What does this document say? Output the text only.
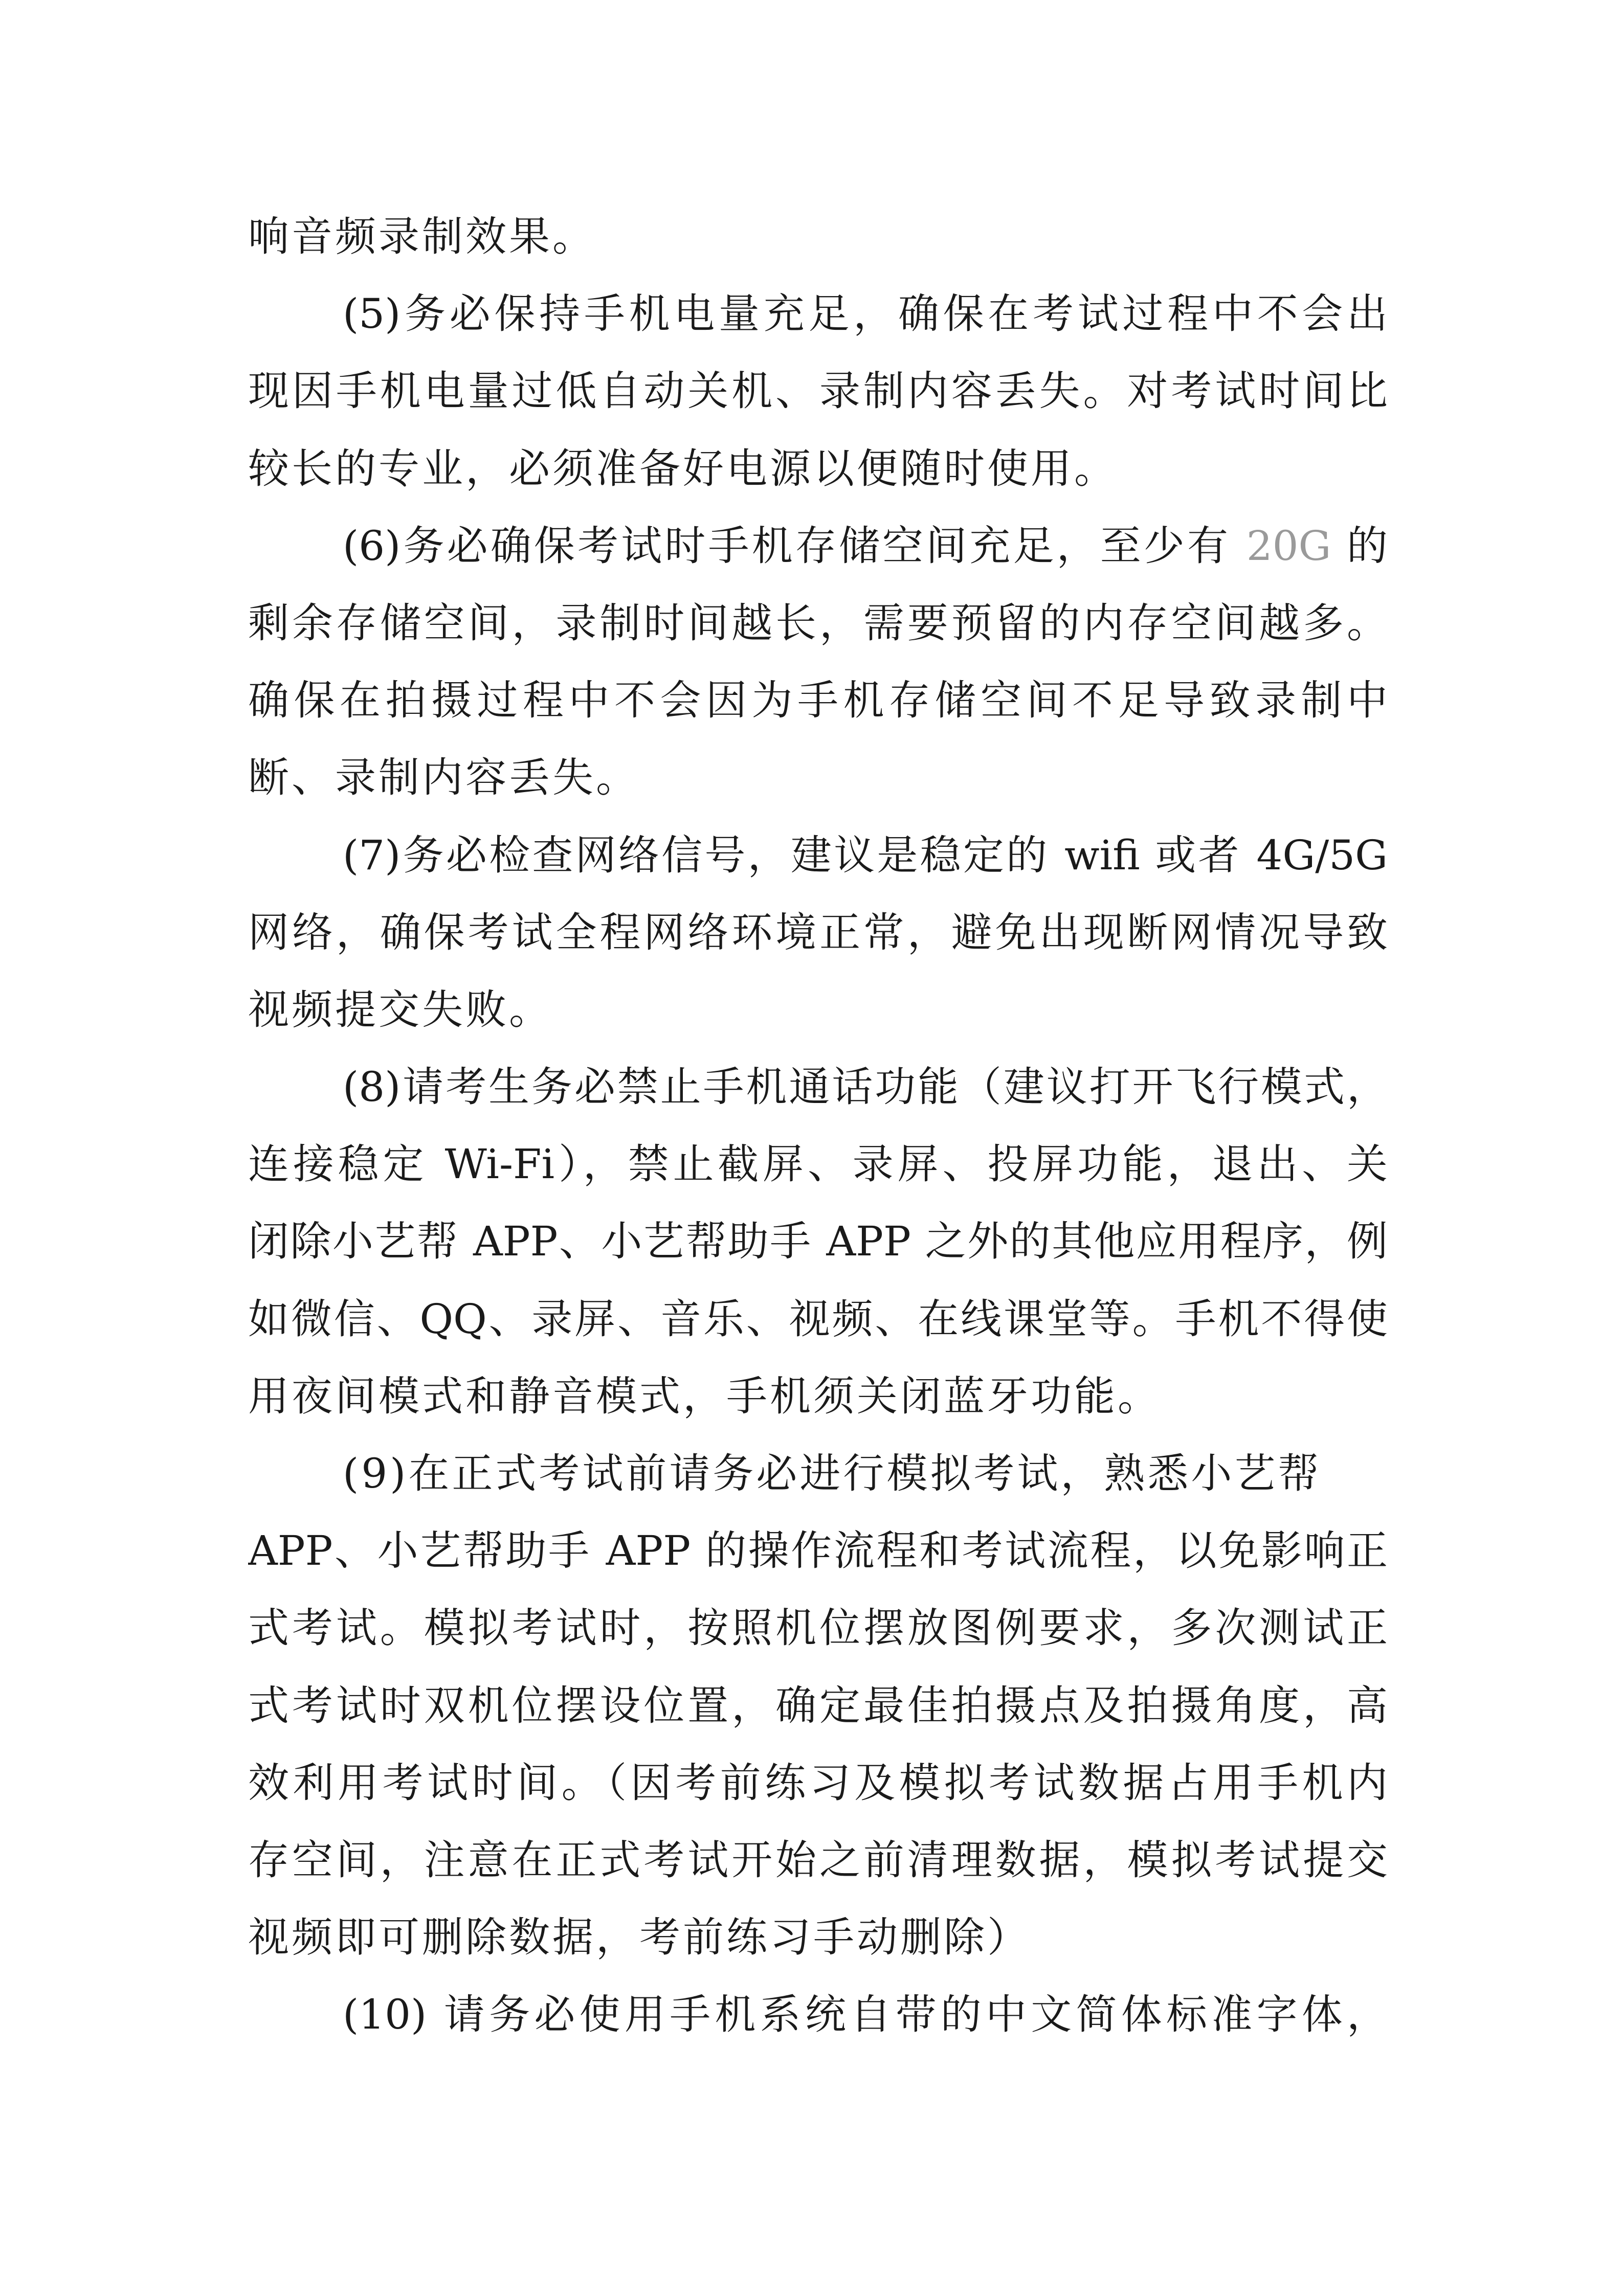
响音频录制效果。
(5)务必保持手机电量充足，确保在考试过程中不会出
现因手机电量过低自动关机、录制内容丢失。对考试时间比
较长的专业，必须准备好电源以便随时使用。
(6)务必确保考试时手机存储空间充足，至少有 20G 的
剩余存储空间，录制时间越长，需要预留的内存空间越多。
确保在拍摄过程中不会因为手机存储空间不足导致录制中
断、录制内容丢失。
(7)务必检查网络信号，建议是稳定的 wifi 或者 4G/5G
网络，确保考试全程网络环境正常，避免出现断网情况导致
视频提交失败。
(8)请考生务必禁止手机通话功能（建议打开飞行模式，
连接稳定 Wi-Fi），禁止截屏、录屏、投屏功能，退出、关
闭除小艺帮 APP、小艺帮助手 APP 之外的其他应用程序，例
如微信、QQ、录屏、音乐、视频、在线课堂等。手机不得使
用夜间模式和静音模式，手机须关闭蓝牙功能。
(9)在正式考试前请务必进行模拟考试，熟悉小艺帮
APP、小艺帮助手 APP 的操作流程和考试流程，以免影响正
式考试。模拟考试时，按照机位摆放图例要求，多次测试正
式考试时双机位摆设位置，确定最佳拍摄点及拍摄角度，高
效利用考试时间。（因考前练习及模拟考试数据占用手机内
存空间，注意在正式考试开始之前清理数据，模拟考试提交
视频即可删除数据，考前练习手动删除）
(10) 请务必使用手机系统自带的中文简体标准字体，
